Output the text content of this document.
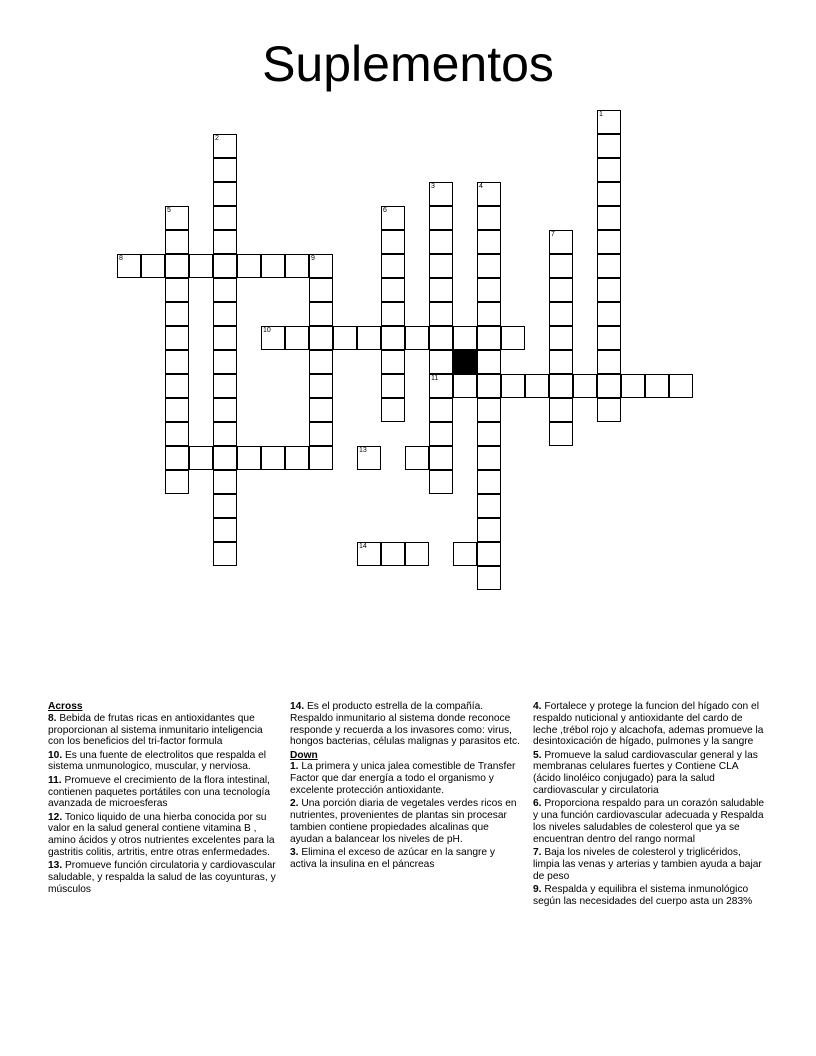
Suplementos
1
2
3
11
4
5	6
7
8	9
10
13
14
Across
8. Bebida de frutas ricas en antioxidantes que proporcionan al sistema inmunitario inteligencia con los beneficios del tri-factor formula
10. Es una fuente de electrolitos que respalda el sistema unmunologico, muscular, y nerviosa.
11. Promueve el crecimiento de la flora intestinal, contienen paquetes portátiles con una tecnología avanzada de microesferas
12. Tonico liquido de una hierba conocida por su valor en la salud general contiene vitamina B , amino ácidos y otros nutrientes excelentes para la gastritis colitis, artritis, entre otras enfermedades.
13. Promueve función circulatoria y cardiovascular saludable, y respalda la salud de las coyunturas, y músculos
14. Es el producto estrella de la compañía. Respaldo inmunitario al sistema donde reconoce responde y recuerda a los invasores como: virus, hongos bacterias, células malignas y parasitos etc.
Down
1. La primera y unica jalea comestible de Transfer Factor que dar energía a todo el organismo y excelente protección antioxidante.
2. Una porción diaria de vegetales verdes ricos en nutrientes, provenientes de plantas sin procesar tambien contiene propiedades alcalinas que ayudan a balancear los niveles de pH.
3. Elimina el exceso de azúcar en la sangre y activa la insulina en el páncreas
4. Fortalece y protege la funcion del hígado con el respaldo nuticional y antioxidante del cardo de leche ,trébol rojo y alcachofa, ademas promueve la desintoxicación de hígado, pulmones y la sangre
5. Promueve la salud cardiovascular general y las membranas celulares fuertes y Contiene CLA (ácido linoléico conjugado) para la salud cardiovascular y circulatoria
6. Proporciona respaldo para un corazón saludable y una función cardiovascular adecuada y Respalda los niveles saludables de colesterol que ya se encuentran dentro del rango normal
7. Baja los niveles de colesterol y triglicéridos, limpia las venas y arterias y tambien ayuda a bajar de peso
9. Respalda y equilibra el sistema inmunológico según las necesidades del cuerpo asta un 283%
